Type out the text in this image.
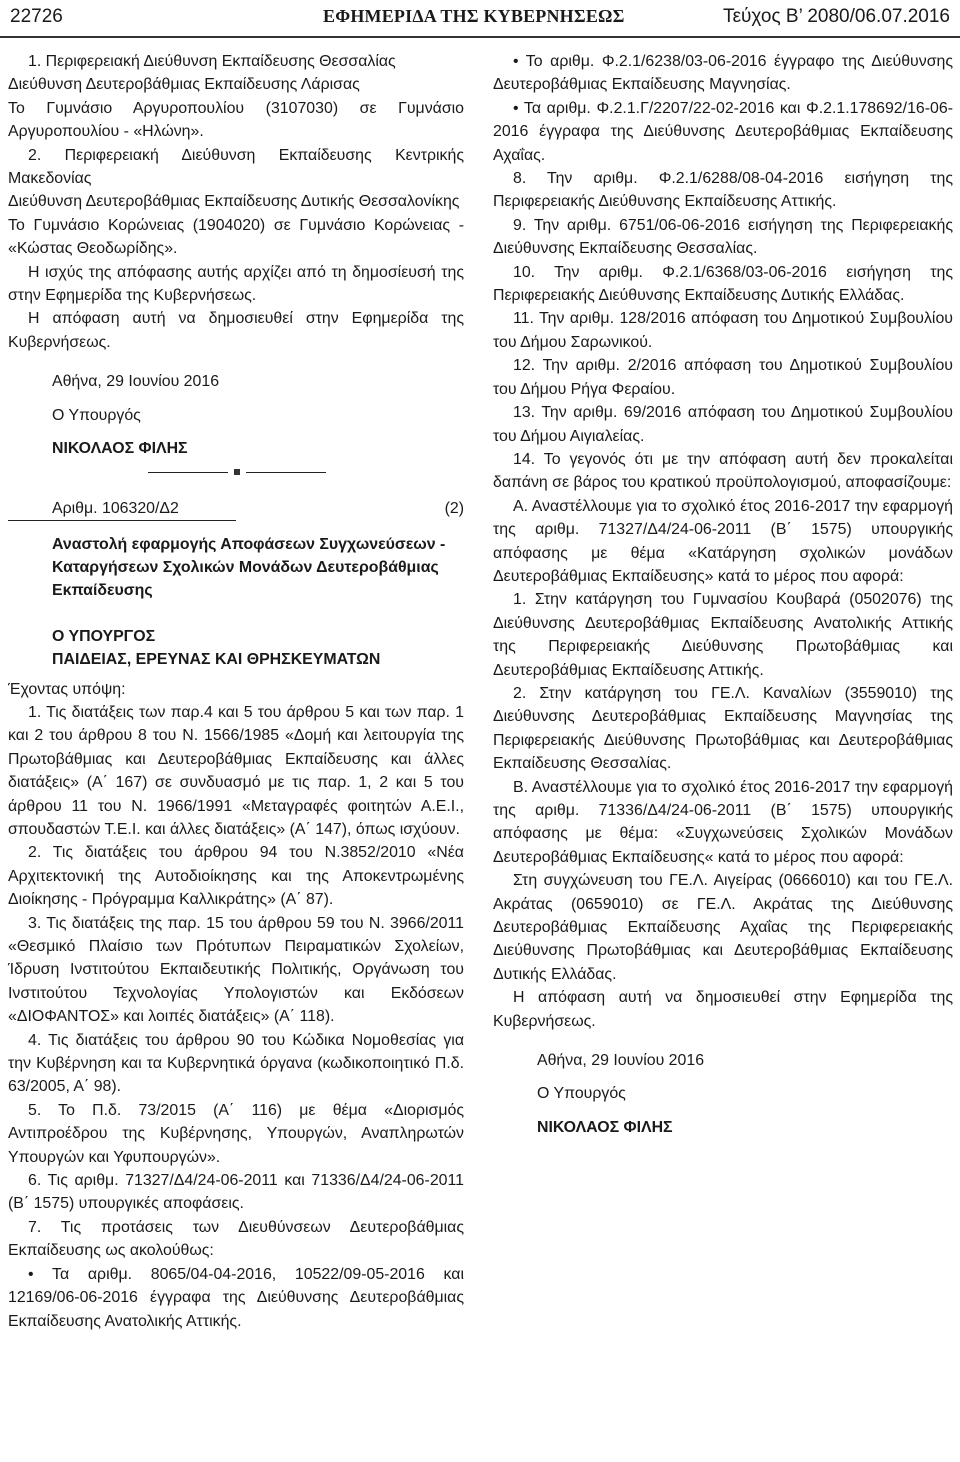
22726	ΕΦΗΜΕΡΙΔΑ ΤΗΣ ΚΥΒΕΡΝΗΣΕΩΣ	Τεύχος Β’ 2080/06.07.2016

1. Περιφερειακή Διεύθυνση Εκπαίδευσης Θεσσαλίας

Διεύθυνση Δευτεροβάθμιας Εκπαίδευσης Λάρισας

Το Γυμνάσιο Αργυροπουλίου (3107030) σε Γυμνάσιο Αργυροπουλίου - «Ηλώνη».

2. Περιφερειακή Διεύθυνση Εκπαίδευσης Κεντρικής Μακεδονίας

Διεύθυνση Δευτεροβάθμιας Εκπαίδευσης Δυτικής Θεσσαλονίκης

Το Γυμνάσιο Κορώνειας (1904020) σε Γυμνάσιο Κορώνειας - «Κώστας Θεοδωρίδης».

Η ισχύς της απόφασης αυτής αρχίζει από τη δημοσίευσή της στην Εφημερίδα της Κυβερνήσεως.

Η απόφαση αυτή να δημοσιευθεί στην Εφημερίδα της Κυβερνήσεως.

Αθήνα, 29 Ιουνίου 2016

Ο Υπουργός

ΝΙΚΟΛΑΟΣ ΦΙΛΗΣ

Αριθμ. 106320/Δ2	(2)

Αναστολή εφαρμογής Αποφάσεων Συγχωνεύσεων - Καταργήσεων Σχολικών Μονάδων Δευτεροβάθμιας Εκπαίδευσης

Ο ΥΠΟΥΡΓΟΣ

ΠΑΙΔΕΙΑΣ, ΕΡΕΥΝΑΣ ΚΑΙ ΘΡΗΣΚΕΥΜΑΤΩΝ

Έχοντας υπόψη:

1. Τις διατάξεις των παρ.4 και 5 του άρθρου 5 και των παρ. 1 και 2 του άρθρου 8 του Ν. 1566/1985 «Δομή και λειτουργία της Πρωτοβάθμιας και Δευτεροβάθμιας Εκπαίδευσης και άλλες διατάξεις» (Α΄ 167) σε συνδυασμό με τις παρ. 1, 2 και 5 του άρθρου 11 του Ν. 1966/1991 «Μεταγραφές φοιτητών Α.Ε.Ι., σπουδαστών Τ.Ε.Ι. και άλλες διατάξεις» (Α΄ 147), όπως ισχύουν.

2. Τις διατάξεις του άρθρου 94 του Ν.3852/2010 «Νέα Αρχιτεκτονική της Αυτοδιοίκησης και της Αποκεντρωμένης Διοίκησης - Πρόγραμμα Καλλικράτης» (Α΄ 87).

3. Τις διατάξεις της παρ. 15 του άρθρου 59 του Ν. 3966/2011 «Θεσμικό Πλαίσιο των Πρότυπων Πειραματικών Σχολείων, Ίδρυση Ινστιτούτου Εκπαιδευτικής Πολιτικής, Οργάνωση του Ινστιτούτου Τεχνολογίας Υπολογιστών και Εκδόσεων «ΔΙΟΦΑΝΤΟΣ» και λοιπές διατάξεις» (Α΄ 118).

4. Τις διατάξεις του άρθρου 90 του Κώδικα Νομοθεσίας για την Κυβέρνηση και τα Κυβερνητικά όργανα (κωδικοποιητικό Π.δ. 63/2005, Α΄ 98).

5. Το Π.δ. 73/2015 (Α΄ 116) με θέμα «Διορισμός Αντιπροέδρου της Κυβέρνησης, Υπουργών, Αναπληρωτών Υπουργών και Υφυπουργών».

6. Τις αριθμ. 71327/Δ4/24-06-2011 και 71336/Δ4/24-06-2011 (Β΄ 1575) υπουργικές αποφάσεις.

7. Τις προτάσεις των Διευθύνσεων Δευτεροβάθμιας Εκπαίδευσης ως ακολούθως:

• Τα αριθμ. 8065/04-04-2016, 10522/09-05-2016 και 12169/06-06-2016 έγγραφα της Διεύθυνσης Δευτεροβάθμιας Εκπαίδευσης Ανατολικής Αττικής.

• Το αριθμ. Φ.2.1/6238/03-06-2016 έγγραφο της Διεύθυνσης Δευτεροβάθμιας Εκπαίδευσης Μαγνησίας.

• Τα αριθμ. Φ.2.1.Γ/2207/22-02-2016 και Φ.2.1.178692/16-06-2016 έγγραφα της Διεύθυνσης Δευτεροβάθμιας Εκπαίδευσης Αχαΐας.

8. Την αριθμ. Φ.2.1/6288/08-04-2016 εισήγηση της Περιφερειακής Διεύθυνσης Εκπαίδευσης Αττικής.

9. Την αριθμ. 6751/06-06-2016 εισήγηση της Περιφερειακής Διεύθυνσης Εκπαίδευσης Θεσσαλίας.

10. Την αριθμ. Φ.2.1/6368/03-06-2016 εισήγηση της Περιφερειακής Διεύθυνσης Εκπαίδευσης Δυτικής Ελλάδας.

11. Την αριθμ. 128/2016 απόφαση του Δημοτικού Συμβουλίου του Δήμου Σαρωνικού.

12. Την αριθμ. 2/2016 απόφαση του Δημοτικού Συμβουλίου του Δήμου Ρήγα Φεραίου.

13. Την αριθμ. 69/2016 απόφαση του Δημοτικού Συμβουλίου του Δήμου Αιγιαλείας.

14. Το γεγονός ότι με την απόφαση αυτή δεν προκαλείται δαπάνη σε βάρος του κρατικού προϋπολογισμού, αποφασίζουμε:

Α. Αναστέλλουμε για το σχολικό έτος 2016-2017 την εφαρμογή της αριθμ. 71327/Δ4/24-06-2011 (Β΄ 1575) υπουργικής απόφασης με θέμα «Κατάργηση σχολικών μονάδων Δευτεροβάθμιας Εκπαίδευσης» κατά το μέρος που αφορά:

1. Στην κατάργηση του Γυμνασίου Κουβαρά (0502076) της Διεύθυνσης Δευτεροβάθμιας Εκπαίδευσης Ανατολικής Αττικής της Περιφερειακής Διεύθυνσης Πρωτοβάθμιας και Δευτεροβάθμιας Εκπαίδευσης Αττικής.

2. Στην κατάργηση του ΓΕ.Λ. Καναλίων (3559010) της Διεύθυνσης Δευτεροβάθμιας Εκπαίδευσης Μαγνησίας της Περιφερειακής Διεύθυνσης Πρωτοβάθμιας και Δευτεροβάθμιας Εκπαίδευσης Θεσσαλίας.

Β. Αναστέλλουμε για το σχολικό έτος 2016-2017 την εφαρμογή της αριθμ. 71336/Δ4/24-06-2011 (Β΄ 1575) υπουργικής απόφασης με θέμα: «Συγχωνεύσεις Σχολικών Μονάδων Δευτεροβάθμιας Εκπαίδευσης« κατά το μέρος που αφορά:

Στη συγχώνευση του ΓΕ.Λ. Αιγείρας (0666010) και του ΓΕ.Λ. Ακράτας (0659010) σε ΓΕ.Λ. Ακράτας της Διεύθυνσης Δευτεροβάθμιας Εκπαίδευσης Αχαΐας της Περιφερειακής Διεύθυνσης Πρωτοβάθμιας και Δευτεροβάθμιας Εκπαίδευσης Δυτικής Ελλάδας.

Η απόφαση αυτή να δημοσιευθεί στην Εφημερίδα της Κυβερνήσεως.

Αθήνα, 29 Ιουνίου 2016

Ο Υπουργός

ΝΙΚΟΛΑΟΣ ΦΙΛΗΣ
